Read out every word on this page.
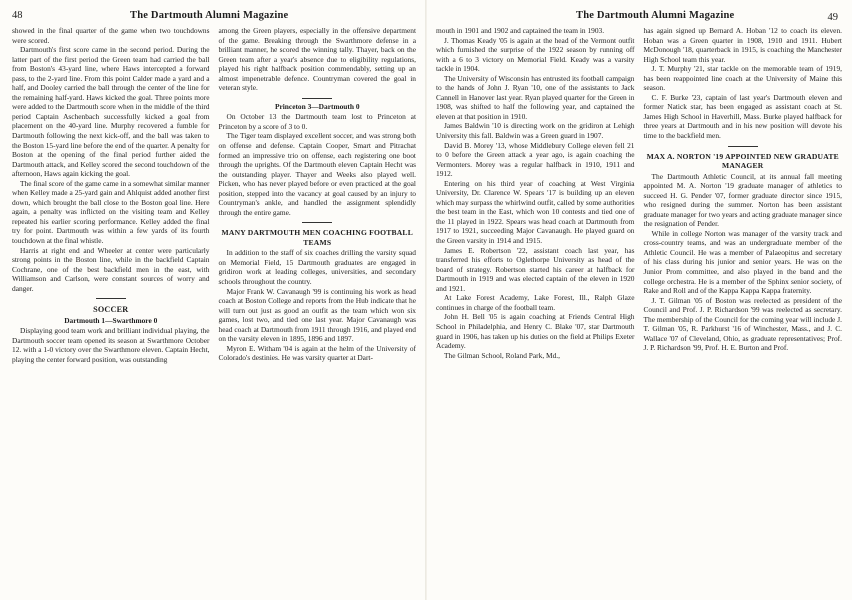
48	The Dartmouth Alumni Magazine

showed in the final quarter of the game when two touchdowns were scored.

Dartmouth's first score came in the second period. During the latter part of the first period the Green team had carried the ball from Boston's 43-yard line, where Haws intercepted a forward pass, to the 2-yard line. From this point Calder made a yard and a half, and Dooley carried the ball through the center of the line for the remaining half-yard. Haws kicked the goal. Three points more were added to the Dartmouth score when in the middle of the third period Captain Aschenbach successfully kicked a goal from placement on the 40-yard line. Murphy recovered a fumble for Dartmouth following the next kick-off, and the ball was taken to the Boston 15-yard line before the end of the quarter. A penalty for Boston at the opening of the final period further aided the Dartmouth attack, and Kelley scored the second touchdown of the afternoon, Haws again kicking the goal.

The final score of the game came in a somewhat similar manner when Kelley made a 25-yard gain and Ahlquist added another first down, which brought the ball close to the Boston goal line. Here again, a penalty was inflicted on the visiting team and Kelley repeated his earlier scoring performance. Kelley added the final try for point. Dartmouth was within a few yards of its fourth touchdown at the final whistle.

Harris at right end and Wheeler at center were particularly strong points in the Boston line, while in the backfield Captain Cochrane, one of the best backfield men in the east, with Williamson and Carlson, were constant sources of worry and danger.

SOCCER
Dartmouth 1—Swarthmore 0

Displaying good team work and brilliant individual playing, the Dartmouth soccer team opened its season at Swarthmore October 12. with a 1-0 victory over the Swarthmore eleven. Captain Hecht, playing the center forward position, was outstanding

among the Green players, especially in the offensive department of the game. Breaking through the Swarthmore defense in a brilliant manner, he scored the winning tally. Thayer, back on the Green team after a year's absence due to eligibility regulations, played his right halfback position commendably, setting up an almost impenetrable defence. Countryman covered the goal in veteran style.

Princeton 3—Dartmouth 0

On October 13 the Dartmouth team lost to Princeton at Princeton by a score of 3 to 0.

The Tiger team displayed excellent soccer, and was strong both on offense and defense. Captain Cooper, Smart and Pitrachat formed an impressive trio on offense, each registering one boot through the uprights. Of the Dartmouth eleven Captain Hecht was the outstanding player. Thayer and Weeks also played well. Picken, who has never played before or even practiced at the goal position, stepped into the vacancy at goal caused by an injury to Countryman's ankle, and handled the assignment splendidly through the entire game.

MANY DARTMOUTH MEN COACHING FOOTBALL TEAMS

In addition to the staff of six coaches drilling the varsity squad on Memorial Field, 15 Dartmouth graduates are engaged in gridiron work at leading colleges, universities, and secondary schools throughout the country.

Major Frank W. Cavanaugh '99 is continuing his work as head coach at Boston College and reports from the Hub indicate that he will turn out just as good an outfit as the team which won six games, lost two, and tied one last year. Major Cavanaugh was head coach at Dartmouth from 1911 through 1916, and played end on the varsity eleven in 1895, 1896 and 1897.

Myron E. Witham '04 is again at the helm of the University of Colorado's destinies. He was varsity quarter at Dart-

The Dartmouth Alumni Magazine	49

mouth in 1901 and 1902 and captained the team in 1903.

J. Thomas Keady '05 is again at the head of the Vermont outfit which furnished the surprise of the 1922 season by running off with a 6 to 3 victory on Memorial Field. Keady was a varsity tackle in 1904.

The University of Wisconsin has entrusted its football campaign to the hands of John J. Ryan '10, one of the assistants to Jack Cannell in Hanover last year. Ryan played quarter for the Green in 1908, was shifted to half the following year, and captained the eleven at that position in 1910.

James Baldwin '10 is directing work on the gridiron at Lehigh University this fall. Baldwin was a Green guard in 1907.

David B. Morey '13, whose Middlebury College eleven fell 21 to 0 before the Green attack a year ago, is again coaching the Vermonters. Morey was a regular halfback in 1910, 1911 and 1912.

Entering on his third year of coaching at West Virginia University, Dr. Clarence W. Spears '17 is building up an eleven which may surpass the whirlwind outfit, called by some authorities the best team in the East, which won 10 contests and tied one of the 11 played in 1922. Spears was head coach at Dartmouth from 1917 to 1921, succeeding Major Cavanaugh. He played guard on the Green varsity in 1914 and 1915.

James E. Robertson '22, assistant coach last year, has transferred his efforts to Oglethorpe University as head of the board of strategy. Robertson started his career at halfback for Dartmouth in 1919 and was elected captain of the eleven in 1920 and 1921.

At Lake Forest Academy, Lake Forest, Ill., Ralph Glaze continues in charge of the football team.

John H. Bell '05 is again coaching at Friends Central High School in Philadelphia, and Henry C. Blake '07, star Dartmouth guard in 1906, has taken up his duties on the field at Philips Exeter Academy.

The Gilman School, Roland Park, Md.,

has again signed up Bernard A. Hoban '12 to coach its eleven. Hoban was a Green quarter in 1908, 1910 and 1911. Hubert McDonough '18, quarterback in 1915, is coaching the Manchester High School team this year.

J. T. Murphy '21, star tackle on the memorable team of 1919, has been reappointed line coach at the University of Maine this season.

C. F. Burke '23, captain of last year's Dartmouth eleven and former Natick star, has been engaged as assistant coach at St. James High School in Haverhill, Mass. Burke played halfback for three years at Dartmouth and in his new position will devote his time to the backfield men.

MAX A. NORTON '19 APPOINTED NEW GRADUATE MANAGER

The Dartmouth Athletic Council, at its annual fall meeting appointed M. A. Norton '19 graduate manager of athletics to succeed H. G. Pender '07, former graduate director since 1915, who resigned during the summer. Norton has been assistant graduate manager for two years and acting graduate manager since the resignation of Pender.

While in college Norton was manager of the varsity track and cross-country teams, and was an undergraduate member of the Athletic Council. He was a member of Palaeopitus and secretary of his class during his junior and senior years. He was on the Junior Prom committee, and also played in the band and the college orchestra. He is a member of the Sphinx senior society, of Rake and Roll and of the Kappa Kappa Kappa fraternity.

J. T. Gilman '05 of Boston was reelected as president of the Council and Prof. J. P. Richardson '99 was reelected as secretary. The membership of the Council for the coming year will include J. T. Gilman '05, R. Parkhurst '16 of Winchester, Mass., and J. C. Wallace '07 of Cleveland, Ohio, as graduate representatives; Prof. J. P. Richardson '99, Prof. H. E. Burton and Prof.
